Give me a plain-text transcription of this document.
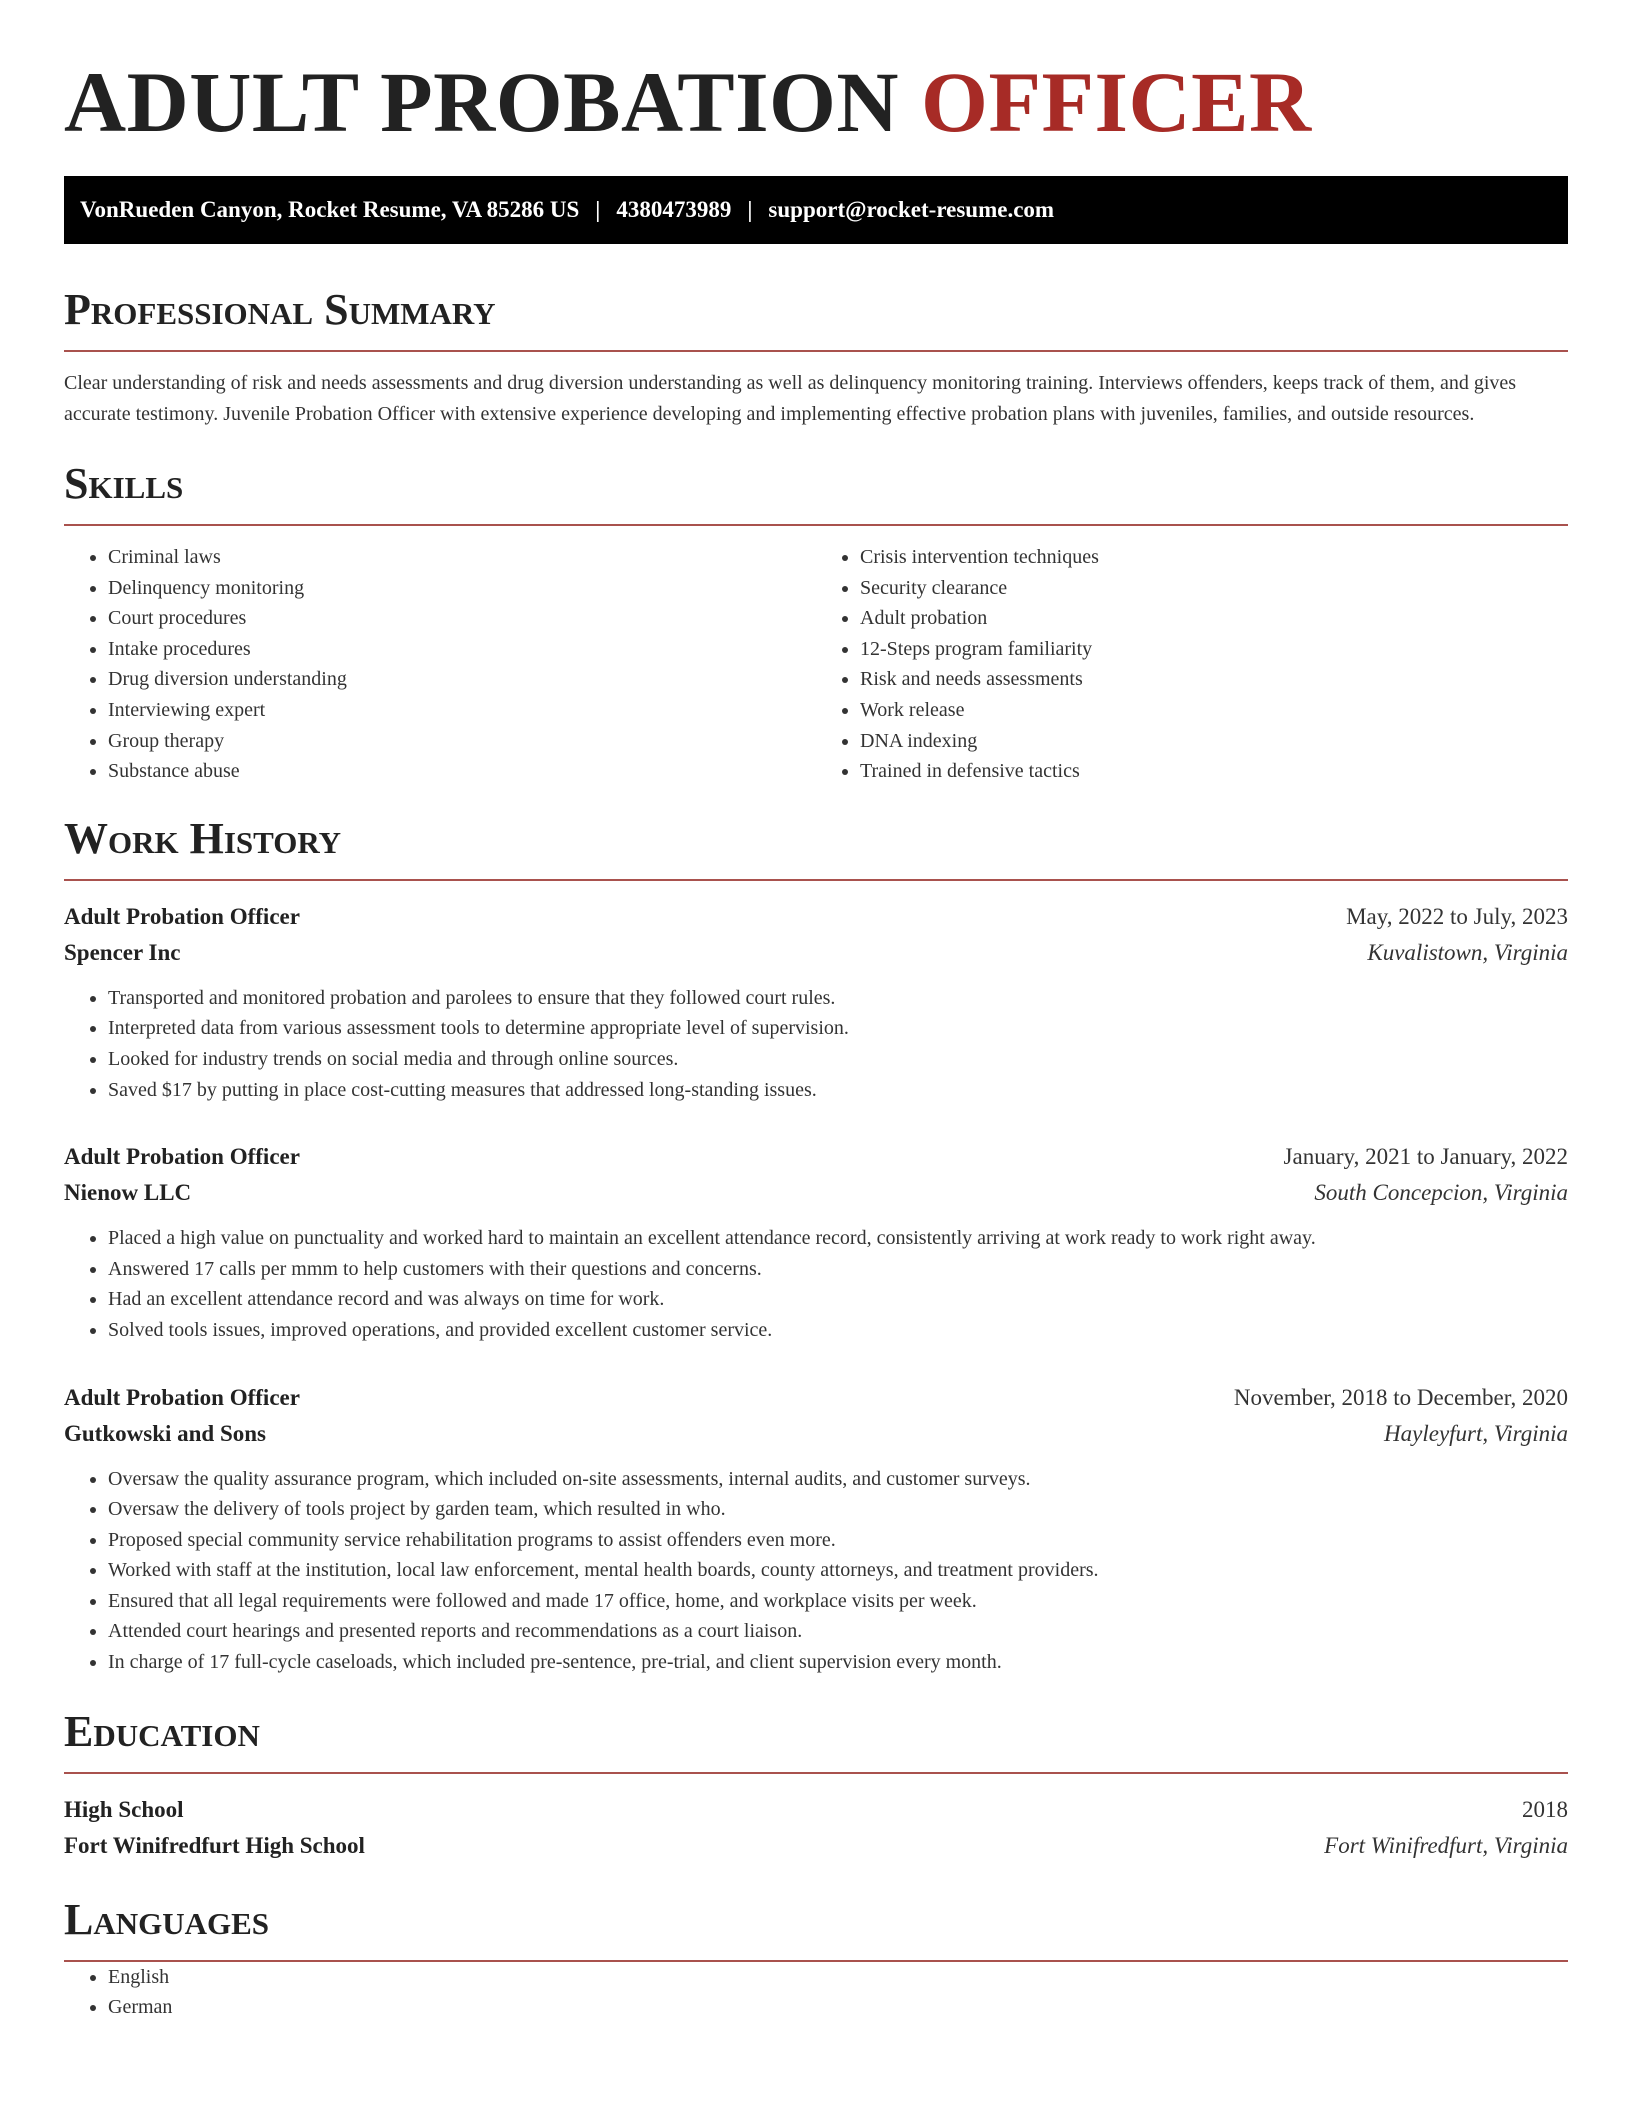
ADULT PROBATION OFFICER
VonRueden Canyon, Rocket Resume, VA 85286 US | 4380473989 | support@rocket-resume.com
Professional Summary

Clear understanding of risk and needs assessments and drug diversion understanding as well as delinquency monitoring training. Interviews offenders, keeps track of them, and gives accurate testimony. Juvenile Probation Officer with extensive experience developing and implementing effective probation plans with juveniles, families, and outside resources.

Skills
• Criminal laws
• Delinquency monitoring
• Court procedures
• Intake procedures
• Drug diversion understanding
• Interviewing expert
• Group therapy
• Substance abuse
• Crisis intervention techniques
• Security clearance
• Adult probation
• 12-Steps program familiarity
• Risk and needs assessments
• Work release
• DNA indexing
• Trained in defensive tactics
Work History
Adult Probation Officer	May, 2022 to July, 2023
Spencer Inc	Kuvalistown, Virginia
• Transported and monitored probation and parolees to ensure that they followed court rules.
• Interpreted data from various assessment tools to determine appropriate level of supervision.
• Looked for industry trends on social media and through online sources.
• Saved $17 by putting in place cost-cutting measures that addressed long-standing issues.
Adult Probation Officer	January, 2021 to January, 2022
Nienow LLC	South Concepcion, Virginia
• Placed a high value on punctuality and worked hard to maintain an excellent attendance record, consistently arriving at work ready to work right away.
• Answered 17 calls per mmm to help customers with their questions and concerns.
• Had an excellent attendance record and was always on time for work.
• Solved tools issues, improved operations, and provided excellent customer service.
Adult Probation Officer	November, 2018 to December, 2020
Gutkowski and Sons	Hayleyfurt, Virginia
• Oversaw the quality assurance program, which included on-site assessments, internal audits, and customer surveys.
• Oversaw the delivery of tools project by garden team, which resulted in who.
• Proposed special community service rehabilitation programs to assist offenders even more.
• Worked with staff at the institution, local law enforcement, mental health boards, county attorneys, and treatment providers.
• Ensured that all legal requirements were followed and made 17 office, home, and workplace visits per week.
• Attended court hearings and presented reports and recommendations as a court liaison.
• In charge of 17 full-cycle caseloads, which included pre-sentence, pre-trial, and client supervision every month.
Education
High School	2018
Fort Winifredfurt High School	Fort Winifredfurt, Virginia
Languages
• English
• German
